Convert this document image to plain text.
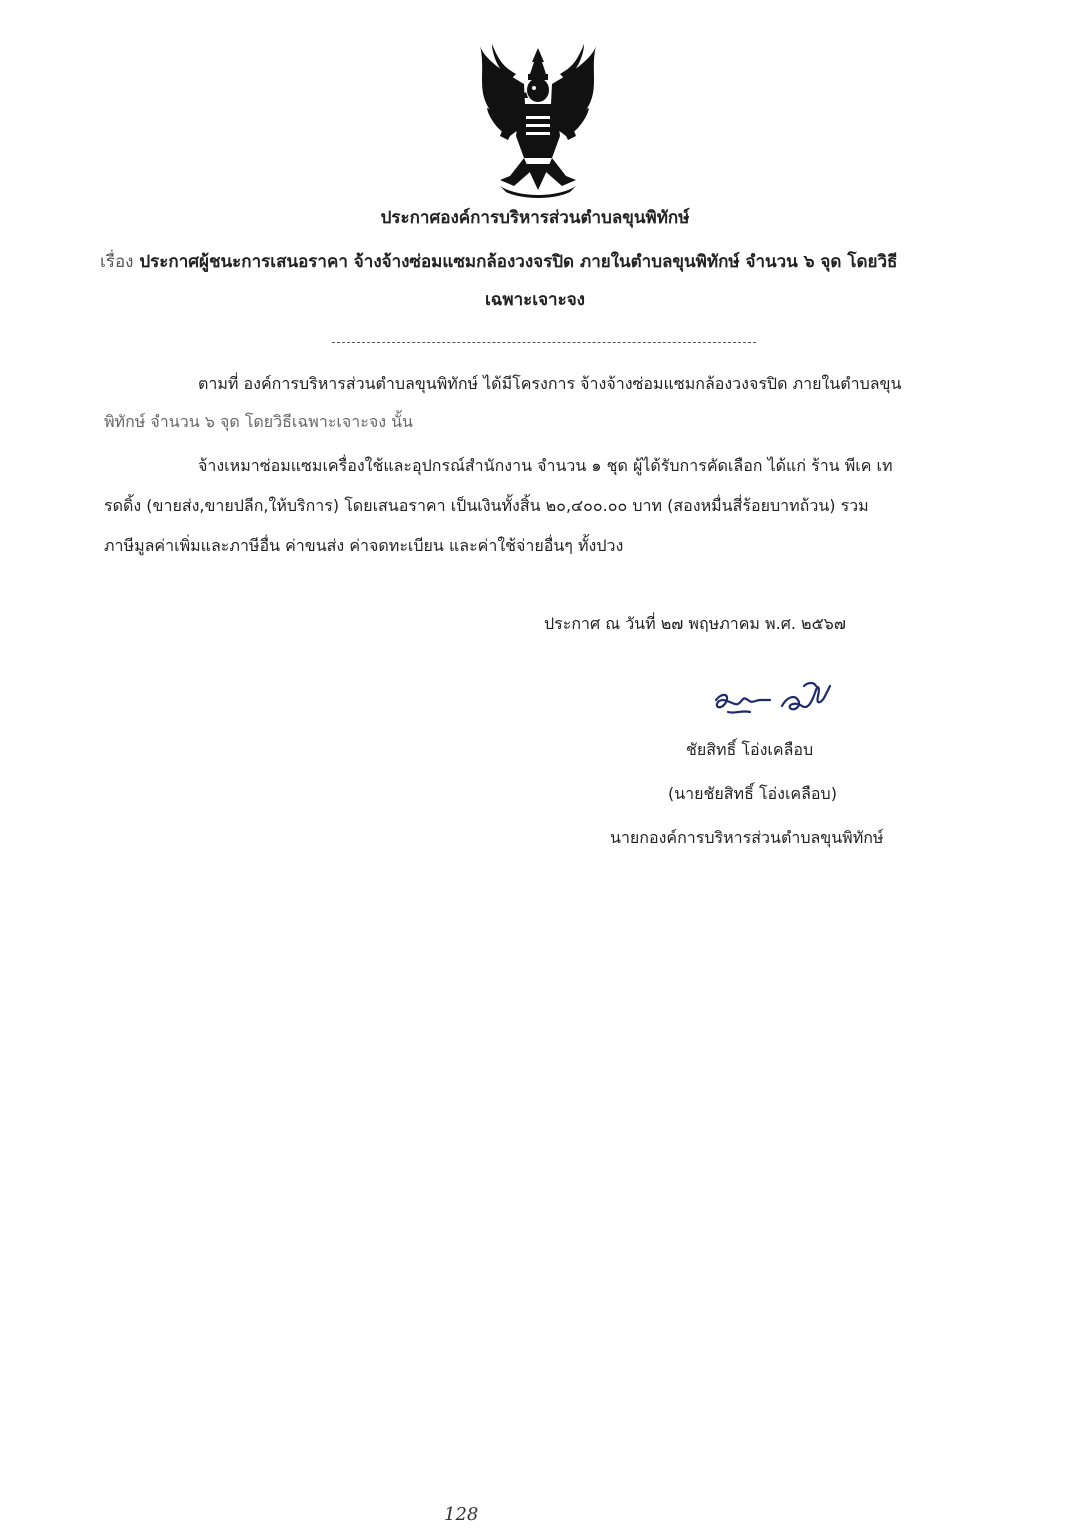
ประกาศองค์การบริหารส่วนตำบลขุนพิทักษ์
เรื่อง ประกาศผู้ชนะการเสนอราคา จ้างจ้างซ่อมแซมกล้องวงจรปิด ภายในตำบลขุนพิทักษ์ จำนวน ๖ จุด โดยวิธี
เฉพาะเจาะจง
ตามที่ องค์การบริหารส่วนตำบลขุนพิทักษ์ ได้มีโครงการ จ้างจ้างซ่อมแซมกล้องวงจรปิด ภายในตำบลขุน
พิทักษ์ จำนวน ๖ จุด โดยวิธีเฉพาะเจาะจง นั้น
จ้างเหมาซ่อมแซมเครื่องใช้และอุปกรณ์สำนักงาน จำนวน ๑ ชุด ผู้ได้รับการคัดเลือก ได้แก่ ร้าน พีเค เท
รดดิ้ง (ขายส่ง,ขายปลีก,ให้บริการ) โดยเสนอราคา เป็นเงินทั้งสิ้น ๒๐,๔๐๐.๐๐ บาท (สองหมื่นสี่ร้อยบาทถ้วน) รวม
ภาษีมูลค่าเพิ่มและภาษีอื่น ค่าขนส่ง ค่าจดทะเบียน และค่าใช้จ่ายอื่นๆ ทั้งปวง
ประกาศ ณ วันที่ ๒๗ พฤษภาคม พ.ศ. ๒๕๖๗
ชัยสิทธิ์ โอ่งเคลือบ
(นายชัยสิทธิ์ โอ่งเคลือบ)
นายกองค์การบริหารส่วนตำบลขุนพิทักษ์
128
